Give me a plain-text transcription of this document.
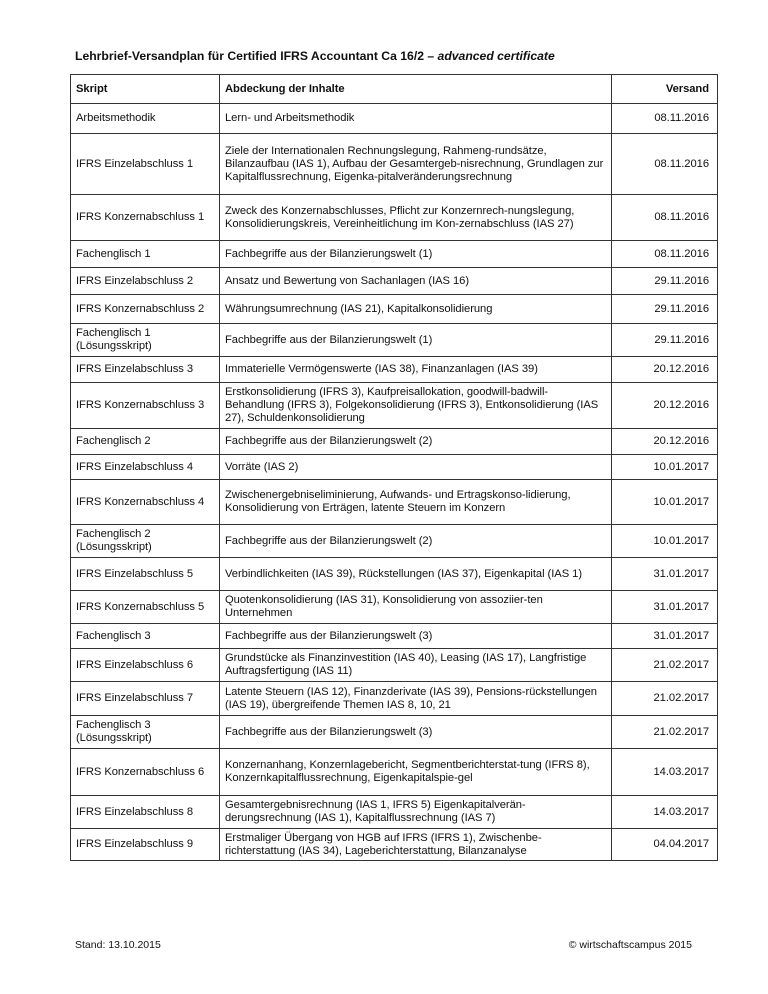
Lehrbrief-Versandplan für Certified IFRS Accountant Ca 16/2 – advanced certificate
Skript	Abdeckung der Inhalte	Versand
Arbeitsmethodik	Lern- und Arbeitsmethodik	08.11.2016
IFRS Einzelabschluss 1	Ziele der Internationalen Rechnungslegung, Rahmeng-rundsätze, Bilanzaufbau (IAS 1), Aufbau der Gesamtergeb-nisrechnung, Grundlagen zur Kapitalflussrechnung, Eigenka-pitalveränderungsrechnung	08.11.2016
IFRS Konzernabschluss 1	Zweck des Konzernabschlusses, Pflicht zur Konzernrech-nungslegung, Konsolidierungskreis, Vereinheitlichung im Kon-zernabschluss (IAS 27)	08.11.2016
Fachenglisch 1	Fachbegriffe aus der Bilanzierungswelt (1)	08.11.2016
IFRS Einzelabschluss 2	Ansatz und Bewertung von Sachanlagen (IAS 16)	29.11.2016
IFRS Konzernabschluss 2	Währungsumrechnung (IAS 21), Kapitalkonsolidierung	29.11.2016
Fachenglisch 1 (Lösungsskript)	Fachbegriffe aus der Bilanzierungswelt (1)	29.11.2016
IFRS Einzelabschluss 3	Immaterielle Vermögenswerte (IAS 38), Finanzanlagen (IAS 39)	20.12.2016
IFRS Konzernabschluss 3	Erstkonsolidierung (IFRS 3), Kaufpreisallokation, goodwill-badwill-Behandlung (IFRS 3), Folgekonsolidierung (IFRS 3), Entkonsolidierung (IAS 27), Schuldenkonsolidierung	20.12.2016
Fachenglisch 2	Fachbegriffe aus der Bilanzierungswelt (2)	20.12.2016
IFRS Einzelabschluss 4	Vorräte (IAS 2)	10.01.2017
IFRS Konzernabschluss 4	Zwischenergebniseliminierung, Aufwands- und Ertragskonso-lidierung, Konsolidierung von Erträgen, latente Steuern im Konzern	10.01.2017
Fachenglisch 2 (Lösungsskript)	Fachbegriffe aus der Bilanzierungswelt (2)	10.01.2017
IFRS Einzelabschluss 5	Verbindlichkeiten (IAS 39), Rückstellungen (IAS 37), Eigenkapital (IAS 1)	31.01.2017
IFRS Konzernabschluss 5	Quotenkonsolidierung (IAS 31), Konsolidierung von assoziier-ten Unternehmen	31.01.2017
Fachenglisch 3	Fachbegriffe aus der Bilanzierungswelt (3)	31.01.2017
IFRS Einzelabschluss 6	Grundstücke als Finanzinvestition (IAS 40), Leasing (IAS 17), Langfristige Auftragsfertigung (IAS 11)	21.02.2017
IFRS Einzelabschluss 7	Latente Steuern (IAS 12), Finanzderivate (IAS 39), Pensions-rückstellungen (IAS 19), übergreifende Themen IAS 8, 10, 21	21.02.2017
Fachenglisch 3 (Lösungsskript)	Fachbegriffe aus der Bilanzierungswelt (3)	21.02.2017
IFRS Konzernabschluss 6	Konzernanhang, Konzernlagebericht, Segmentberichterstat-tung (IFRS 8), Konzernkapitalflussrechnung, Eigenkapitalspie-gel	14.03.2017
IFRS Einzelabschluss 8	Gesamtergebnisrechnung (IAS 1, IFRS 5) Eigenkapitalverän-derungsrechnung (IAS 1), Kapitalflussrechnung (IAS 7)	14.03.2017
IFRS Einzelabschluss 9	Erstmaliger Übergang von HGB auf IFRS (IFRS 1), Zwischenbe-richterstattung (IAS 34), Lageberichterstattung, Bilanzanalyse	04.04.2017
Stand: 13.10.2015	© wirtschaftscampus 2015
